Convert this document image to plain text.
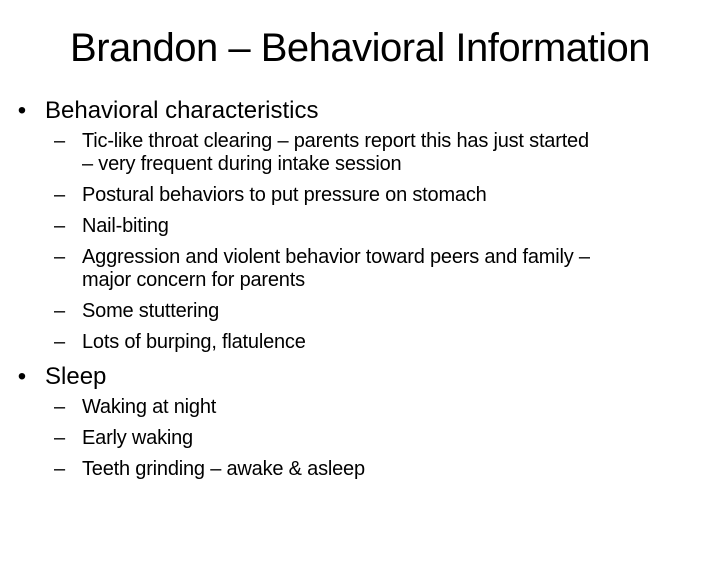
Brandon – Behavioral Information
• Behavioral characteristics
– Tic-like throat clearing – parents report this has just started
– very frequent during intake session
– Postural behaviors to put pressure on stomach
– Nail-biting
– Aggression and violent behavior toward peers and family –
major concern for parents
– Some stuttering
– Lots of burping, flatulence
• Sleep
– Waking at night
– Early waking
– Teeth grinding – awake & asleep
